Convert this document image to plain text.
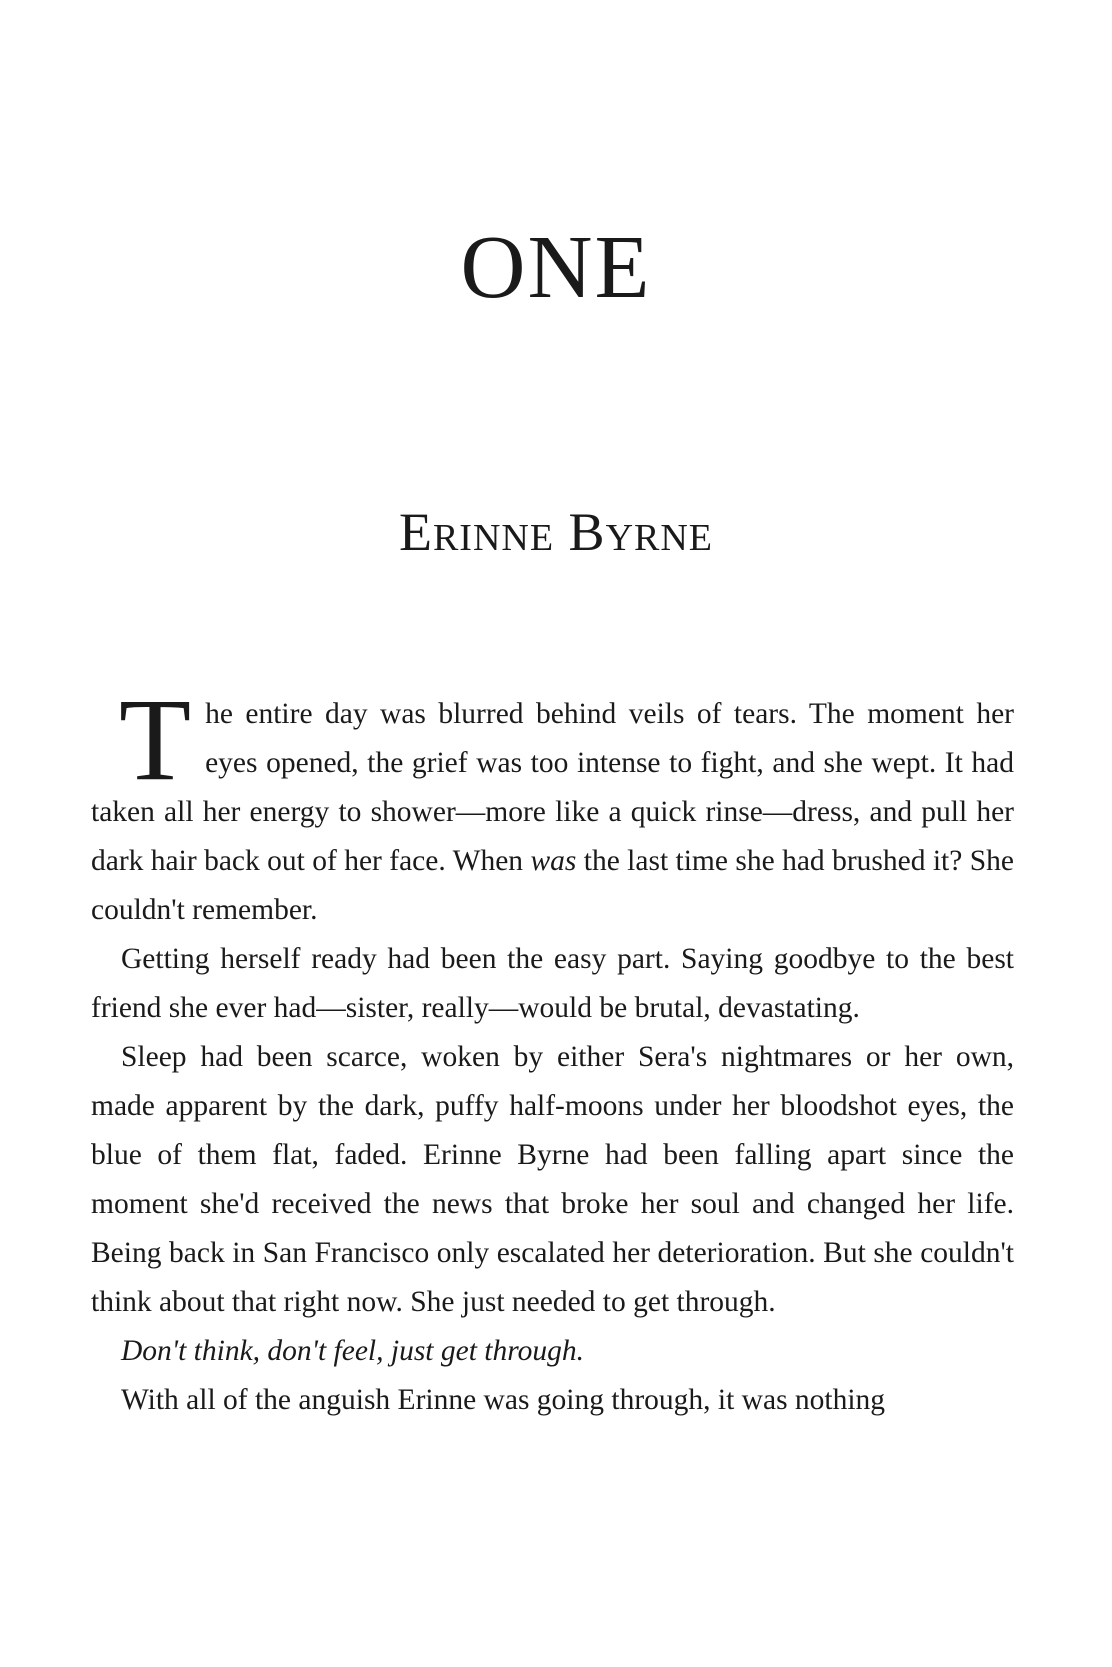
ONE
Erinne Byrne

The entire day was blurred behind veils of tears. The moment her eyes opened, the grief was too intense to fight, and she wept. It had taken all her energy to shower—more like a quick rinse—dress, and pull her dark hair back out of her face. When was the last time she had brushed it? She couldn't remember.

Getting herself ready had been the easy part. Saying goodbye to the best friend she ever had—sister, really—would be brutal, devastating.

Sleep had been scarce, woken by either Sera's nightmares or her own, made apparent by the dark, puffy half-moons under her bloodshot eyes, the blue of them flat, faded. Erinne Byrne had been falling apart since the moment she'd received the news that broke her soul and changed her life. Being back in San Francisco only escalated her deterioration. But she couldn't think about that right now. She just needed to get through.

Don't think, don't feel, just get through.

With all of the anguish Erinne was going through, it was nothing
